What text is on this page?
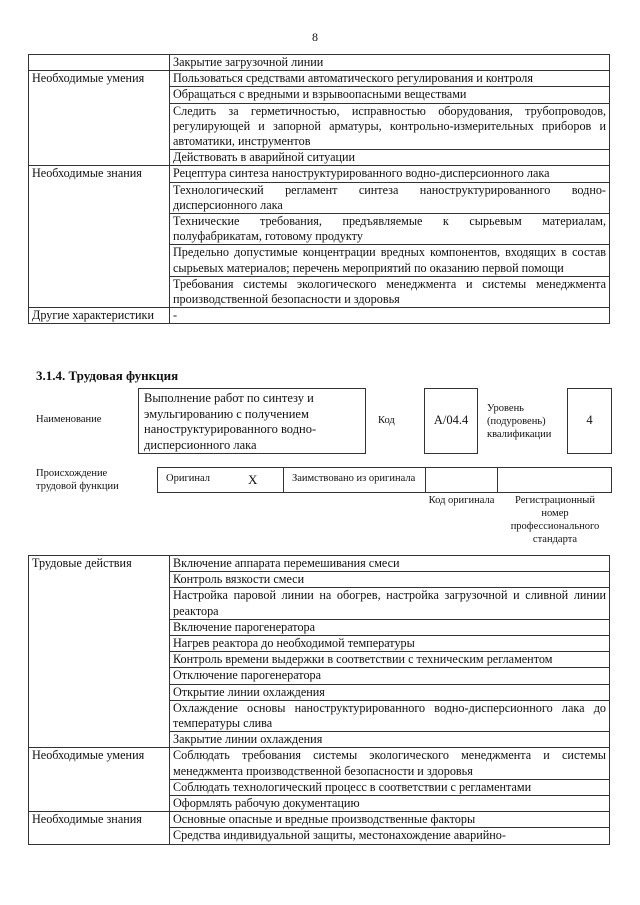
8
	Закрытие загрузочной линии
Необходимые умения	Пользоваться средствами автоматического регулирования и контроля
	Обращаться с вредными и взрывоопасными веществами
	Следить за герметичностью, исправностью оборудования, трубопроводов, регулирующей и запорной арматуры, контрольно-измерительных приборов и автоматики, инструментов
	Действовать в аварийной ситуации
Необходимые знания	Рецептура синтеза наноструктурированного водно-дисперсионного лака
	Технологический регламент синтеза наноструктурированного водно-дисперсионного лака
	Технические требования, предъявляемые к сырьевым материалам, полуфабрикатам, готовому продукту
	Предельно допустимые концентрации вредных компонентов, входящих в состав сырьевых материалов; перечень мероприятий по оказанию первой помощи
	Требования системы экологического менеджмента и системы менеджмента производственной безопасности и здоровья
Другие характеристики	-
3.1.4. Трудовая функция
Наименование
Выполнение работ по синтезу и эмульгированию с получением наноструктурированного водно-дисперсионного лака
Код	А/04.4
Уровень (подуровень) квалификации
4
Происхождение трудовой функции
Оригинал	X	Заимствовано из оригинала
Код оригинала	Регистрационный номер профессионального стандарта
Трудовые действия	Включение аппарата перемешивания смеси
	Контроль вязкости смеси
	Настройка паровой линии на обогрев, настройка загрузочной и сливной линии реактора
	Включение парогенератора
	Нагрев реактора до необходимой температуры
	Контроль времени выдержки в соответствии с техническим регламентом
	Отключение парогенератора
	Открытие линии охлаждения
	Охлаждение основы наноструктурированного водно-дисперсионного лака до температуры слива
	Закрытие линии охлаждения
Необходимые умения	Соблюдать требования системы экологического менеджмента и системы менеджмента производственной безопасности и здоровья
	Соблюдать технологический процесс в соответствии с регламентами
	Оформлять рабочую документацию
Необходимые знания	Основные опасные и вредные производственные факторы
	Средства индивидуальной защиты, местонахождение аварийно-
